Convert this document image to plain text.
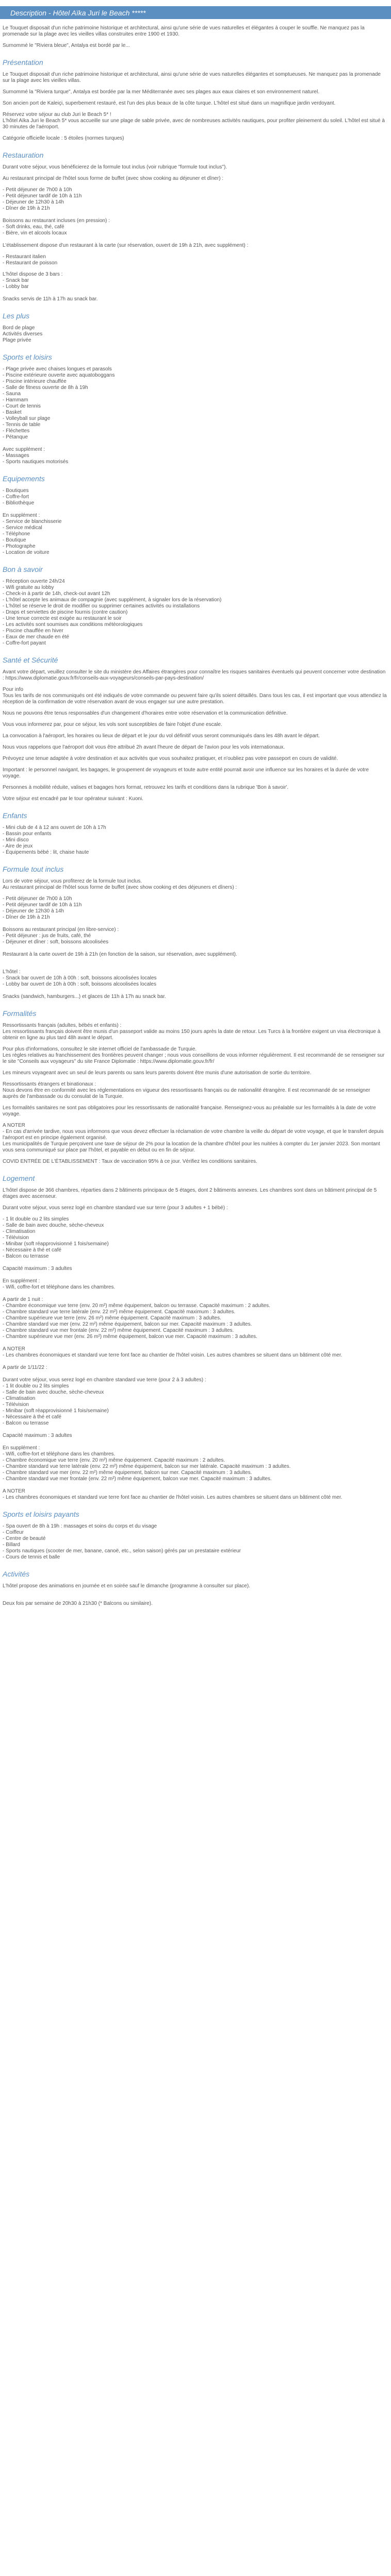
Description - Hôtel Aïka Juri le Beach *****

Le Touquet disposait d'un riche patrimoine historique et architectural, ainsi qu'une série de vues naturelles et élégantes à couper le souffle. Ne manquez pas la promenade sur la plage avec les vieilles villas construites entre 1900 et 1930.

Surnommé le "Riviera bleue", Antalya est bordé par le...

Présentation
Le Touquet disposait d'un riche patrimoine historique et architectural, ainsi qu'une série de vues naturelles élégantes et somptueuses. Ne manquez pas la promenade sur la plage avec les vieilles villas.
Surnommé la "Riviera turque", Antalya est bordée par la mer Méditerranée avec ses plages aux eaux claires et son environnement naturel.
Son ancien port de Kaleiçi, superbement restauré, est l'un des plus beaux de la côte turque. L'hôtel est situé dans un magnifique jardin verdoyant.
Réservez votre séjour au club Juri le Beach 5* !
L'hôtel Aïka Juri le Beach 5* vous accueille sur une plage de sable privée, avec de nombreuses activités nautiques, pour profiter pleinement du soleil. L'hôtel est situé à 30 minutes de l'aéroport.
Catégorie officielle locale : 5 étoiles (normes turques)
Restauration
Durant votre séjour, vous bénéficierez de la formule tout inclus (voir rubrique "formule tout inclus").
Au restaurant principal de l'hôtel sous forme de buffet (avec show cooking au déjeuner et dîner) :
- Petit déjeuner de 7h00 à 10h
- Petit déjeuner tardif de 10h à 11h
- Déjeuner de 12h30 à 14h
- Dîner de 19h à 21h
Boissons au restaurant incluses (en pression) :
- Soft drinks, eau, thé, café
- Bière, vin et alcools locaux
L'établissement dispose d'un restaurant à la carte (sur réservation, ouvert de 19h à 21h, avec supplément) :
- Restaurant italien
- Restaurant de poisson
L'hôtel dispose de 3 bars :
- Snack bar
- Lobby bar
Snacks servis de 11h à 17h au snack bar.
Les plus
Bord de plage
Activités diverses
Plage privée
Sports et loisirs
- Plage privée avec chaises longues et parasols
- Piscine extérieure ouverte avec aquatoboggans
- Piscine intérieure chauffée
- Salle de fitness ouverte de 8h à 19h
- Sauna
- Hammam
- Court de tennis
- Basket
- Volleyball sur plage
- Tennis de table
- Fléchettes
- Pétanque
Avec supplément :
- Massages
- Sports nautiques motorisés
Equipements
- Boutiques
- Coffre-fort
- Bibliothèque
En supplément :
- Service de blanchisserie
- Service médical
- Téléphone
- Boutique
- Photographe
- Location de voiture
Bon à savoir
- Réception ouverte 24h/24
- Wifi gratuite au lobby
- Check-in à partir de 14h, check-out avant 12h
- L'hôtel accepte les animaux de compagnie (avec supplément, à signaler lors de la réservation)
- L'hôtel se réserve le droit de modifier ou supprimer certaines activités ou installations
- Draps et serviettes de piscine fournis (contre caution)
- Une tenue correcte est exigée au restaurant le soir
- Les activités sont soumises aux conditions météorologiques
- Piscine chauffée en hiver
- Eaux de mer chaude en été
- Coffre-fort payant
Santé et Sécurité
Avant votre départ, veuillez consulter le site du ministère des Affaires étrangères pour connaître les risques sanitaires éventuels qui peuvent concerner votre destination : https://www.diplomatie.gouv.fr/fr/conseils-aux-voyageurs/conseils-par-pays-destination/
Pour info
Tous les tarifs de nos communiqués ont été indiqués de votre commande ou peuvent faire qu'ils soient détaillés. Dans tous les cas, il est important que vous attendiez la réception de la confirmation de votre réservation avant de vous engager sur une autre prestation.
Nous ne pouvons être tenus responsables d'un changement d'horaires entre votre réservation et la communication définitive.
Vous vous informerez par, pour ce séjour, les vols sont susceptibles de faire l'objet d'une escale.
La convocation à l'aéroport, les horaires ou lieux de départ et le jour du vol définitif vous seront communiqués dans les 48h avant le départ.
Nous vous rappelons que l'aéroport doit vous être attribué 2h avant l'heure de départ de l'avion pour les vols internationaux.
Prévoyez une tenue adaptée à votre destination et aux activités que vous souhaitez pratiquer, et n'oubliez pas votre passeport en cours de validité.
Important : le personnel navigant, les bagages, le groupement de voyageurs et toute autre entité pourrait avoir une influence sur les horaires et la durée de votre voyage.
Personnes à mobilité réduite, valises et bagages hors format, retrouvez les tarifs et conditions dans la rubrique 'Bon à savoir'.
Votre séjour est encadré par le tour opérateur suivant : Kuoni.
Enfants
- Mini club de 4 à 12 ans ouvert de 10h à 17h
- Bassin pour enfants
- Mini disco
- Aire de jeux
- Équipements bébé : lit, chaise haute
Formule tout inclus
Lors de votre séjour, vous profiterez de la formule tout inclus.
Au restaurant principal de l'hôtel sous forme de buffet (avec show cooking et des déjeuners et dîners) :
- Petit déjeuner de 7h00 à 10h
- Petit déjeuner tardif de 10h à 11h
- Déjeuner de 12h30 à 14h
- Dîner de 19h à 21h
Boissons au restaurant principal (en libre-service) :
- Petit déjeuner : jus de fruits, café, thé
- Déjeuner et dîner : soft, boissons alcoolisées
Restaurant à la carte ouvert de 19h à 21h (en fonction de la saison, sur réservation, avec supplément).
L'hôtel :
- Snack bar ouvert de 10h à 00h : soft, boissons alcoolisées locales
- Lobby bar ouvert de 10h à 00h : soft, boissons alcoolisées locales
Snacks (sandwich, hamburgers...) et glaces de 11h à 17h au snack bar.
Formalités
Ressortissants français (adultes, bébés et enfants) :
Les ressortissants français doivent être munis d'un passeport valide au moins 150 jours après la date de retour. Les Turcs à la frontière exigent un visa électronique à obtenir en ligne au plus tard 48h avant le départ.
Pour plus d'informations, consultez le site internet officiel de l'ambassade de Turquie.
Les règles relatives au franchissement des frontières peuvent changer ; nous vous conseillons de vous informer régulièrement. Il est recommandé de se renseigner sur le site "Conseils aux voyageurs" du site France Diplomatie : https://www.diplomatie.gouv.fr/fr/
Les mineurs voyageant avec un seul de leurs parents ou sans leurs parents doivent être munis d'une autorisation de sortie du territoire.
Ressortissants étrangers et binationaux :
Nous devons être en conformité avec les réglementations en vigueur des ressortissants français ou de nationalité étrangère. Il est recommandé de se renseigner auprès de l'ambassade ou du consulat de la Turquie.
Les formalités sanitaires ne sont pas obligatoires pour les ressortissants de nationalité française. Renseignez-vous au préalable sur les formalités à la date de votre voyage.
A NOTER
- En cas d'arrivée tardive, nous vous informons que vous devez effectuer la réclamation de votre chambre la veille du départ de votre voyage, et que le transfert depuis l'aéroport est en principe également organisé.
Les municipalités de Turquie perçoivent une taxe de séjour de 2% pour la location de la chambre d'hôtel pour les nuitées à compter du 1er janvier 2023. Son montant vous sera communiqué sur place par l'hôtel, et payable en début ou en fin de séjour.
COVID ENTRÉE DE L'ÉTABLISSEMENT : Taux de vaccination 95% à ce jour. Vérifiez les conditions sanitaires.
Logement
L'hôtel dispose de 366 chambres, réparties dans 2 bâtiments principaux de 5 étages, dont 2 bâtiments annexes. Les chambres sont dans un bâtiment principal de 5 étages avec ascenseur.
Durant votre séjour, vous serez logé en chambre standard vue sur terre (pour 3 adultes + 1 bébé) :
- 1 lit double ou 2 lits simples
- Salle de bain avec douche, sèche-cheveux
- Climatisation
- Télévision
- Minibar (soft réapprovisionné 1 fois/semaine)
- Nécessaire à thé et café
- Balcon ou terrasse
Capacité maximum : 3 adultes
En supplément :
- Wifi, coffre-fort et téléphone dans les chambres.
A partir de 1 nuit :
- Chambre économique vue terre (env. 20 m²) même équipement, balcon ou terrasse. Capacité maximum : 2 adultes.
- Chambre standard vue terre latérale (env. 22 m²) même équipement. Capacité maximum : 3 adultes.
- Chambre supérieure vue terre (env. 26 m²) même équipement. Capacité maximum : 3 adultes.
- Chambre standard vue mer (env. 22 m²) même équipement, balcon sur mer. Capacité maximum : 3 adultes.
- Chambre standard vue mer frontale (env. 22 m²) même équipement. Capacité maximum : 3 adultes.
- Chambre supérieure vue mer (env. 26 m²) même équipement, balcon vue mer. Capacité maximum : 3 adultes.
A NOTER
- Les chambres économiques et standard vue terre font face au chantier de l'hôtel voisin. Les autres chambres se situent dans un bâtiment côté mer.
A partir de 1/11/22 :
Durant votre séjour, vous serez logé en chambre standard vue terre (pour 2 à 3 adultes) :
- 1 lit double ou 2 lits simples
- Salle de bain avec douche, sèche-cheveux
- Climatisation
- Télévision
- Minibar (soft réapprovisionné 1 fois/semaine)
- Nécessaire à thé et café
- Balcon ou terrasse
Capacité maximum : 3 adultes
En supplément :
- Wifi, coffre-fort et téléphone dans les chambres.
- Chambre économique vue terre (env. 20 m²) même équipement. Capacité maximum : 2 adultes.
- Chambre standard vue terre latérale (env. 22 m²) même équipement, balcon sur mer latérale. Capacité maximum : 3 adultes.
- Chambre standard vue mer (env. 22 m²) même équipement, balcon sur mer. Capacité maximum : 3 adultes.
- Chambre standard vue mer frontale (env. 22 m²) même équipement, balcon vue mer. Capacité maximum : 3 adultes.
A NOTER
- Les chambres économiques et standard vue terre font face au chantier de l'hôtel voisin. Les autres chambres se situent dans un bâtiment côté mer.
Sports et loisirs payants
- Spa ouvert de 8h à 19h : massages et soins du corps et du visage
- Coiffeur
- Centre de beauté
- Billard
- Sports nautiques (scooter de mer, banane, canoë, etc., selon saison) gérés par un prestataire extérieur
- Cours de tennis et balle
Activités
L'hôtel propose des animations en journée et en soirée sauf le dimanche (programme à consulter sur place).
Deux fois par semaine de 20h30 à 21h30 (* Balcons ou similaire).
